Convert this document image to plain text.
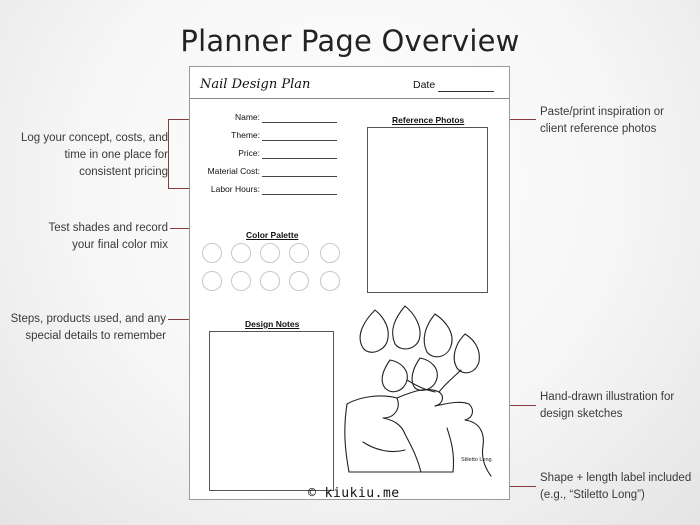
Planner Page Overview
Log your concept, costs, and
time in one place for
consistent pricing
Test shades and record
your final color mix
Steps, products used, and any
special details to remember
Paste/print inspiration or
client reference photos
Hand-drawn illustration for
design sketches
Shape + length label included
(e.g., “Stiletto Long”)
Nail Design Plan	Date
Name:
Theme:
Price:
Material Cost:
Labor Hours:
Reference Photos
Color Palette
Design Notes
Stiletto Long
© kiukiu.me
